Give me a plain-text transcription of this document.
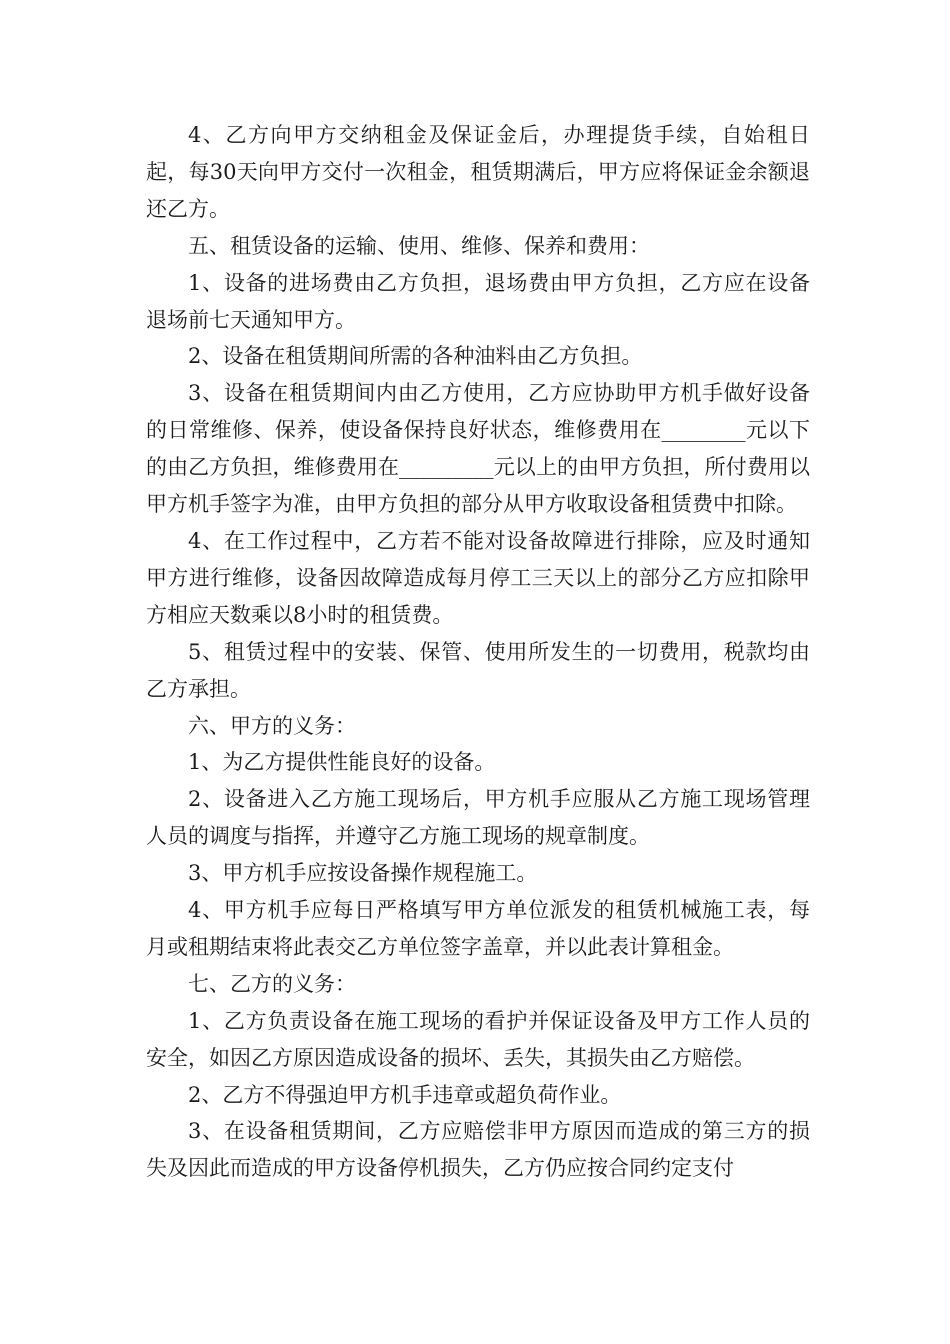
4、乙方向甲方交纳租金及保证金后，办理提货手续，自始租日起，每30天向甲方交付一次租金，租赁期满后，甲方应将保证金余额退还乙方。

五、租赁设备的运输、使用、维修、保养和费用：

1、设备的进场费由乙方负担，退场费由甲方负担，乙方应在设备退场前七天通知甲方。

2、设备在租赁期间所需的各种油料由乙方负担。

3、设备在租赁期间内由乙方使用，乙方应协助甲方机手做好设备的日常维修、保养，使设备保持良好状态，维修费用在________元以下的由乙方负担，维修费用在_________元以上的由甲方负担，所付费用以甲方机手签字为准，由甲方负担的部分从甲方收取设备租赁费中扣除。

4、在工作过程中，乙方若不能对设备故障进行排除，应及时通知甲方进行维修，设备因故障造成每月停工三天以上的部分乙方应扣除甲方相应天数乘以8小时的租赁费。

5、租赁过程中的安装、保管、使用所发生的一切费用，税款均由乙方承担。

六、甲方的义务：

1、为乙方提供性能良好的设备。

2、设备进入乙方施工现场后，甲方机手应服从乙方施工现场管理人员的调度与指挥，并遵守乙方施工现场的规章制度。

3、甲方机手应按设备操作规程施工。

4、甲方机手应每日严格填写甲方单位派发的租赁机械施工表，每月或租期结束将此表交乙方单位签字盖章，并以此表计算租金。

七、乙方的义务：

1、乙方负责设备在施工现场的看护并保证设备及甲方工作人员的安全，如因乙方原因造成设备的损坏、丢失，其损失由乙方赔偿。

2、乙方不得强迫甲方机手违章或超负荷作业。

3、在设备租赁期间，乙方应赔偿非甲方原因而造成的第三方的损失及因此而造成的甲方设备停机损失，乙方仍应按合同约定支付
